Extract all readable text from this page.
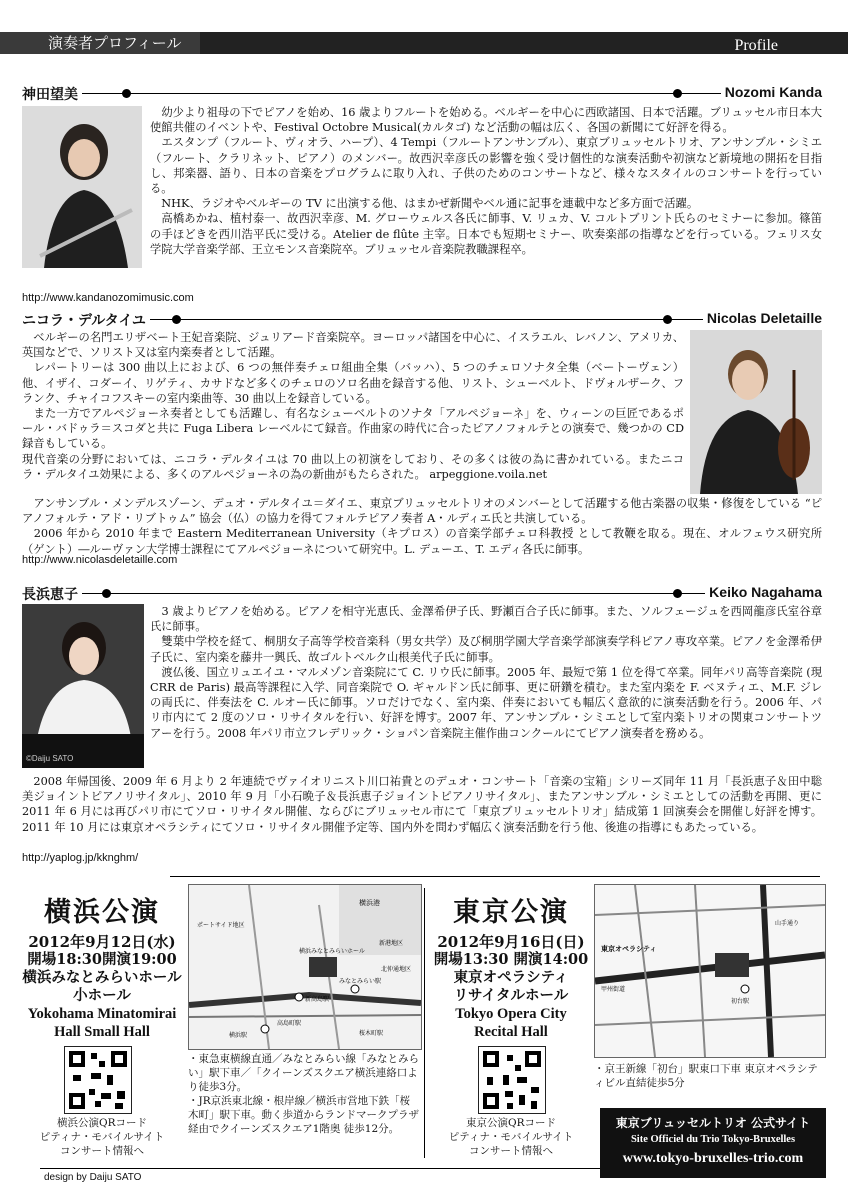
演奏者プロフィール	Profile
神田望美	Nozomi Kanda

　幼少より祖母の下でピアノを始め、16 歳よりフルートを始める。ベルギーを中心に西欧諸国、日本で活躍。ブリュッセル市日本大使館共催のイベントや、Festival Octobre Musical(カルタゴ) など活動の幅は広く、各国の新聞にて好評を得る。

　エスタンプ（フルート、ヴィオラ、ハープ）、4 Tempi（フルートアンサンブル）、東京ブリュッセルトリオ、アンサンブル・シミエ（フルート、クラリネット、ピアノ）のメンバー。故西沢幸彦氏の影響を強く受け個性的な演奏活動や初演など新境地の開拓を目指し、邦楽器、語り、日本の音楽をプログラムに取り入れ、子供のためのコンサートなど、様々なスタイルのコンサートを行っている。

　NHK、ラジオやベルギーの TV に出演する他、はまかぜ新聞やベル通に記事を連載中など多方面で活躍。

　高橋あかね、植村泰一、故西沢幸彦、M. グローウェルス各氏に師事、V. リュカ、V. コルトブリント氏らのセミナーに参加。篠笛の手ほどきを西川浩平氏に受ける。Atelier de flûte 主宰。日本でも短期セミナー、吹奏楽部の指導などを行っている。フェリス女学院大学音楽学部、王立モンス音楽院卒。ブリュッセル音楽院教職課程卒。

http://www.kandanozomimusic.com
ニコラ・デルタイユ	Nicolas Deletaille

　ベルギーの名門エリザベート王妃音楽院、ジュリアード音楽院卒。ヨーロッパ諸国を中心に、イスラエル、レバノン、アメリカ、英国などで、ソリスト又は室内楽奏者として活躍。

　レパートリーは 300 曲以上におよび、6 つの無伴奏チェロ組曲全集（バッハ）、5 つのチェロソナタ全集（ベートーヴェン）他、イザイ、コダーイ、リゲティ、カサドなど多くのチェロのソロ名曲を録音する他、リスト、シューベルト、ドヴォルザーク、フランク、チャイコフスキーの室内楽曲等、30 曲以上を録音している。

　また一方でアルペジョーネ奏者としても活躍し、有名なシューベルトのソナタ「アルペジョーネ」を、ウィーンの巨匠であるポール・バドゥラ＝スコダと共に Fuga Libera レーベルにて録音。作曲家の時代に合ったピアノフォルテとの演奏で、幾つかの CD 録音もしている。

現代音楽の分野においては、ニコラ・デルタイユは 70 曲以上の初演をしており、その多くは彼の為に書かれている。またニコラ・デルタイユ効果による、多くのアルペジョーネの為の新曲がもたらされた。 arpeggione.voila.net

　アンサンブル・メンデルスゾーン、デュオ・デルタイユ＝ダイエ、東京ブリュッセルトリオのメンバーとして活躍する他古楽器の収集・修復をしている “ピアノフォルテ・アド・リブトゥム” 協会（仏）の協力を得てフォルテピアノ奏者 A・ルディエ氏と共演している。

　2006 年から 2010 年まで Eastern Mediterranean University（キプロス）の音楽学部チェロ科教授 として教鞭を取る。現在、オルフェウス研究所（ゲント）―ルーヴァン大学博士課程にてアルペジョーネについて研究中。L. デューエ、T. エディ各氏に師事。

http://www.nicolasdeletaille.com
長浜恵子	Keiko Nagahama
©Daiju SATO

　3 歳よりピアノを始める。ピアノを相守光恵氏、金澤希伊子氏、野瀬百合子氏に師事。また、ソルフェージュを西岡龍彦氏室谷章氏に師事。

　雙葉中学校を経て、桐朋女子高等学校音楽科（男女共学）及び桐朋学園大学音楽学部演奏学科ピアノ専攻卒業。ピアノを金澤希伊子氏に、室内楽を藤井一興氏、故ゴルトベルク山根美代子氏に師事。

　渡仏後、国立リュエイユ・マルメゾン音楽院にて C. リウ氏に師事。2005 年、最短で第 1 位を得て卒業。同年パリ高等音楽院 (現 CRR de Paris) 最高等課程に入学、同音楽院で O. ギャルドン氏に師事、更に研鑽を積む。また室内楽を F. ベヌティエ、M.F. ジレの両氏に、伴奏法を C. ルオー氏に師事。ソロだけでなく、室内楽、伴奏においても幅広く意欲的に演奏活動を行う。2006 年、パリ市内にて 2 度のソロ・リサイタルを行い、好評を博す。2007 年、アンサンブル・シミエとして室内楽トリオの関東コンサートツアーを行う。2008 年パリ市立フレデリック・ショパン音楽院主催作曲コンクールにてピアノ演奏者を務める。

　2008 年帰国後、2009 年 6 月より 2 年連続でヴァイオリニスト川口祐貴とのデュオ・コンサート「音楽の宝箱」シリーズ同年 11 月「長浜恵子＆田中聡美ジョイントピアノリサイタル」、2010 年 9 月「小石晩子＆長浜恵子ジョイントピアノリサイタル」、またアンサンブル・シミエとしての活動を再開、更に 2011 年 6 月には再びパリ市にてソロ・リサイタル開催、ならびにブリュッセル市にて「東京ブリュッセルトリオ」結成第 1 回演奏会を開催し好評を博す。2011 年 10 月には東京オペラシティにてソロ・リサイタル開催予定等、国内外を問わず幅広く演奏活動を行う他、後進の指導にもあたっている。

http://yaplog.jp/kknghm/
横浜公演
2012年9月12日(水)
開場18:30開演19:00
横浜みなとみらいホール
小ホール
Yokohama Minatomirai
Hall Small Hall
横浜公演QRコード
ピティナ・モバイルサイト
コンサート情報へ
横浜港
ポートサイド地区
横浜みなとみらいホール
みなとみらい駅
新高島駅
横浜駅
高島町駅
桜木町駅
新港地区
北仲通地区
・東急東横線直通／みなとみらい線「みなとみらい」駅下車／「クイーンズスクエア横浜連絡口より徒歩3分。
・JR京浜東北線・根岸線／横浜市営地下鉄「桜木町」駅下車。動く歩道からランドマークプラザ経由でクイーンズスクエア1階奥 徒歩12分。
東京公演
2012年9月16日(日)
開場13:30 開演14:00
東京オペラシティ
リサイタルホール
Tokyo Opera City
Recital Hall
東京公演QRコード
ピティナ・モバイルサイト
コンサート情報へ
東京オペラシティ
初台駅
甲州街道
山手通り
・京王新線「初台」駅東口下車 東京オペラシティビル直結徒歩5分
東京ブリュッセルトリオ 公式サイト
Site Officiel du Trio Tokyo-Bruxelles
www.tokyo-bruxelles-trio.com
design by Daiju SATO
